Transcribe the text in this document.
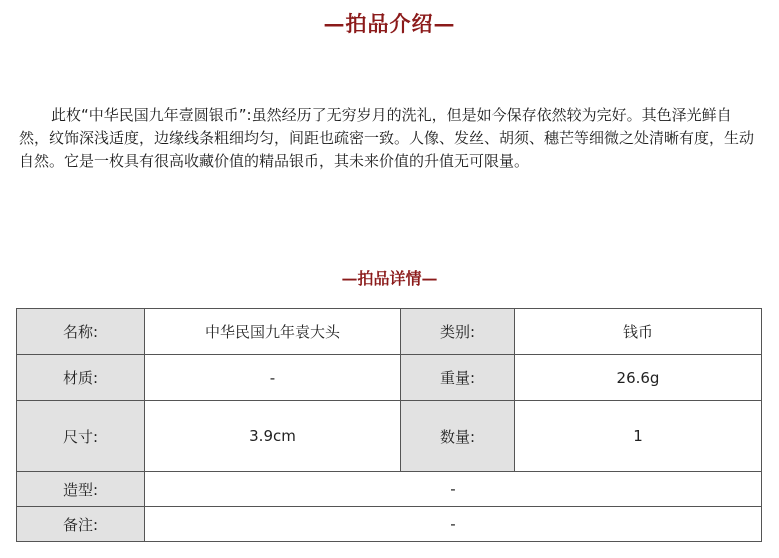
—拍品介绍—
此枚“中华民国九年壹圆银币”:虽然经历了无穷岁月的洗礼，但是如今保存依然较为完好。其色泽光鲜自然，纹饰深浅适度，边缘线条粗细均匀，间距也疏密一致。人像、发丝、胡须、穗芒等细微之处清晰有度，生动自然。它是一枚具有很高收藏价值的精品银币，其未来价值的升值无可限量。
—拍品详情—
名称:	中华民国九年袁大头	类别:	钱币
材质:	-	重量:	26.6g
尺寸:	3.9cm	数量:	1
造型:	-		
备注:	-		
